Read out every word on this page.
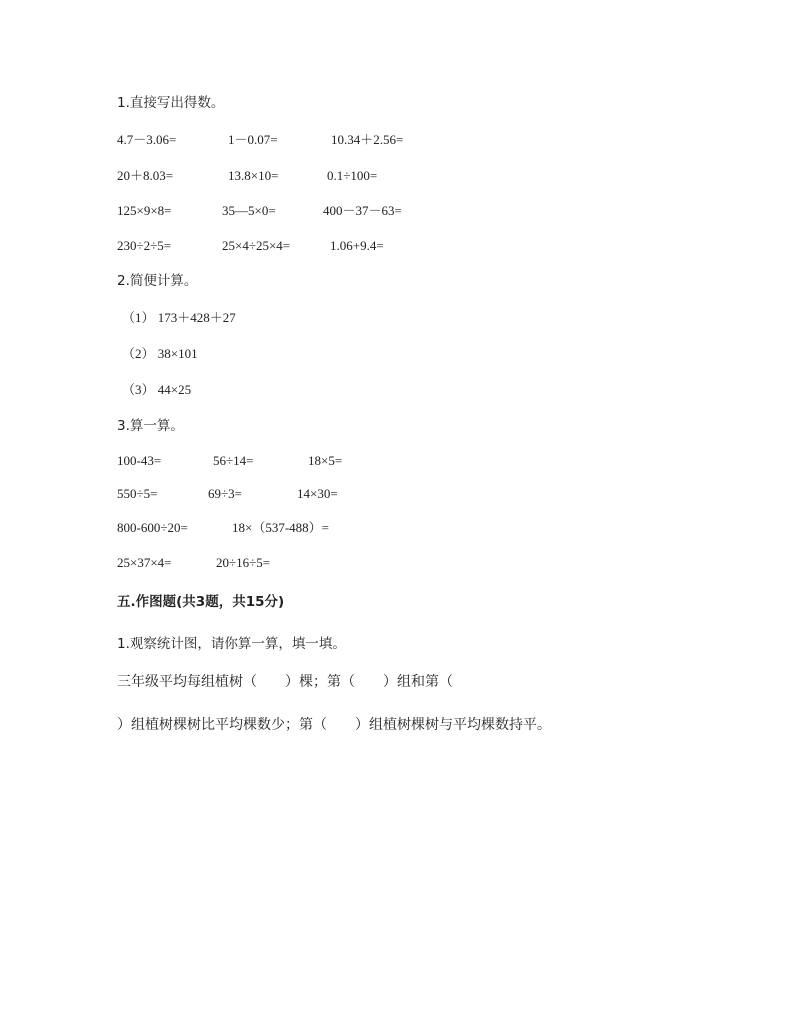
1.直接写出得数。
4.7－3.06=	1－0.07=	10.34＋2.56=
20＋8.03=	13.8×10=	0.1÷100=
125×9×8=	35—5×0=	400－37－63=
230÷2÷5=	25×4÷25×4=	1.06+9.4=
2.简便计算。
（1） 173＋428＋27
（2） 38×101
（3） 44×25
3.算一算。
100-43=	56÷14=	18×5=
550÷5=	69÷3=	14×30=
800-600÷20=	18×（537-488）=
25×37×4=	20÷16÷5=
五.作图题(共3题，共15分)
1.观察统计图，请你算一算，填一填。
三年级平均每组植树（　　）棵；第（　　）组和第（
）组植树棵树比平均棵数少；第（　　）组植树棵树与平均棵数持平。
